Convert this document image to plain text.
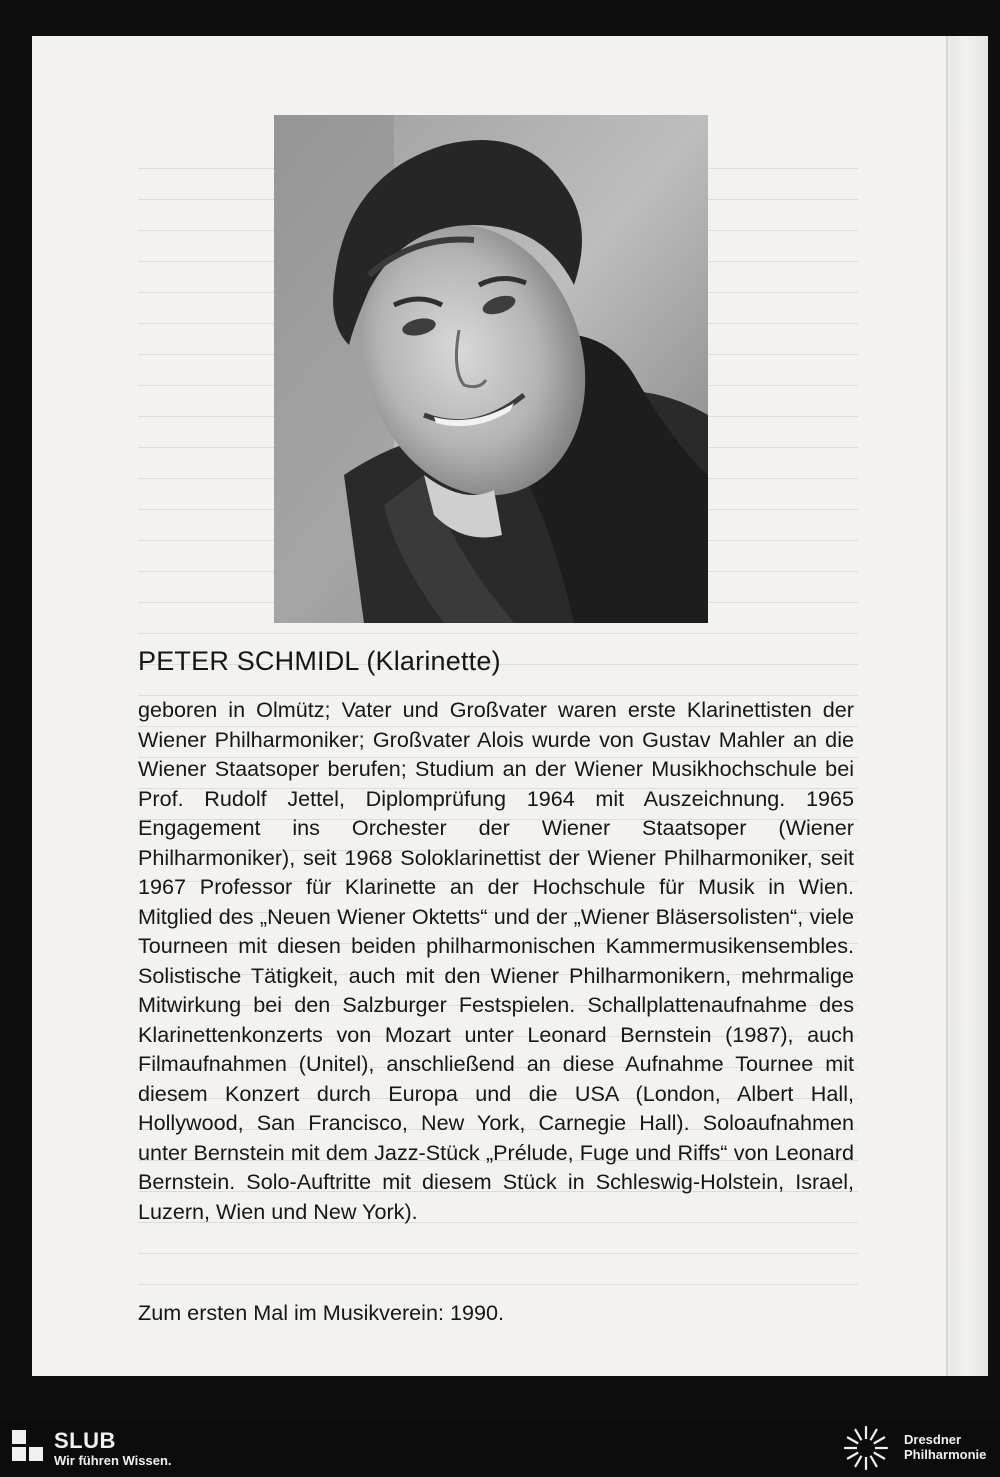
PETER SCHMIDL (Klarinette)

geboren in Olmütz; Vater und Großvater waren erste Klarinettisten der Wiener Philharmoniker; Großvater Alois wurde von Gustav Mahler an die Wiener Staatsoper berufen; Studium an der Wiener Musikhochschule bei Prof. Rudolf Jettel, Diplomprüfung 1964 mit Auszeichnung. 1965 Engagement ins Orchester der Wiener Staatsoper (Wiener Philharmoniker), seit 1968 Soloklarinettist der Wiener Philharmoniker, seit 1967 Professor für Klarinette an der Hochschule für Musik in Wien. Mitglied des „Neuen Wiener Oktetts“ und der „Wiener Bläsersolisten“, viele Tourneen mit diesen beiden philharmonischen Kammermusikensembles. Solistische Tätigkeit, auch mit den Wiener Philharmonikern, mehrmalige Mitwirkung bei den Salzburger Festspielen. Schallplattenaufnahme des Klarinettenkonzerts von Mozart unter Leonard Bernstein (1987), auch Filmaufnahmen (Unitel), anschließend an diese Aufnahme Tournee mit diesem Konzert durch Europa und die USA (London, Albert Hall, Hollywood, San Francisco, New York, Carnegie Hall). Soloaufnahmen unter Bernstein mit dem Jazz-Stück „Prélude, Fuge und Riffs“ von Leonard Bernstein. Solo-Auftritte mit diesem Stück in Schleswig-Holstein, Israel, Luzern, Wien und New York).

Zum ersten Mal im Musikverein: 1990.

SLUB
Wir führen Wissen.
Dresdner
Philharmonie
